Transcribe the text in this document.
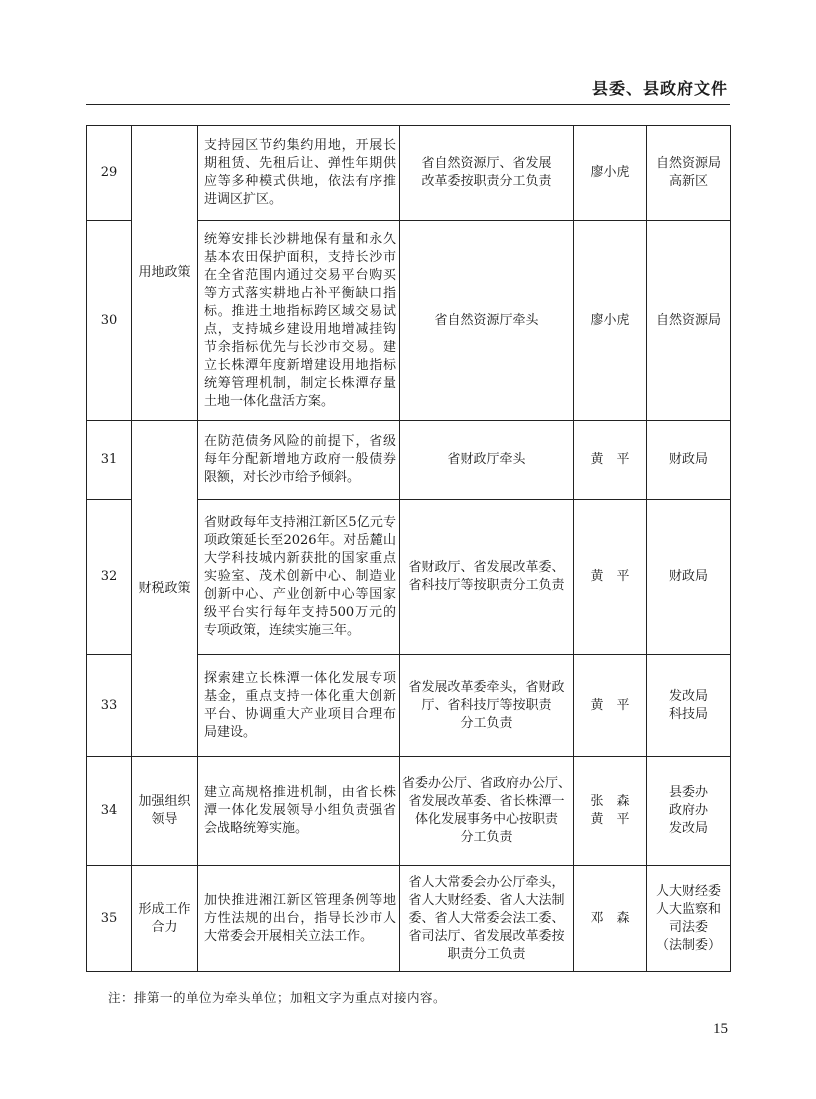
县委、县政府文件
29	用地政策	支持园区节约集约用地，开展长期租赁、先租后让、弹性年期供应等多种模式供地，依法有序推进调区扩区。	省自然资源厅、省发展
改革委按职责分工负责	廖小虎	自然资源局
高新区
30		统筹安排长沙耕地保有量和永久基本农田保护面积，支持长沙市在全省范围内通过交易平台购买等方式落实耕地占补平衡缺口指标。推进土地指标跨区域交易试点，支持城乡建设用地增减挂钩节余指标优先与长沙市交易。建立长株潭年度新增建设用地指标统筹管理机制，制定长株潭存量土地一体化盘活方案。	省自然资源厅牵头	廖小虎	自然资源局
31	财税政策	在防范债务风险的前提下，省级每年分配新增地方政府一般债券限额，对长沙市给予倾斜。	省财政厅牵头	黄　平	财政局
32		省财政每年支持湘江新区5亿元专项政策延长至2026年。对岳麓山大学科技城内新获批的国家重点实验室、茂术创新中心、制造业创新中心、产业创新中心等国家级平台实行每年支持500万元的专项政策，连续实施三年。	省财政厅、省发展改革委、
省科技厅等按职责分工负责	黄　平	财政局
33		探索建立长株潭一体化发展专项基金，重点支持一体化重大创新平台、协调重大产业项目合理布局建设。	省发展改革委牵头，省财政
厅、省科技厅等按职责
分工负责	黄　平	发改局
科技局
34	加强组织
领导	建立高规格推进机制，由省长株潭一体化发展领导小组负责强省会战略统筹实施。	省委办公厅、省政府办公厅、
省发展改革委、省长株潭一
体化发展事务中心按职责
分工负责	张　森
黄　平	县委办
政府办
发改局
35	形成工作
合力	加快推进湘江新区管理条例等地方性法规的出台，指导长沙市人大常委会开展相关立法工作。	省人大常委会办公厅牵头，
省人大财经委、省人大法制
委、省人大常委会法工委、
省司法厅、省发展改革委按
职责分工负责	邓　森	人大财经委
人大监察和
司法委
（法制委）
注：排第一的单位为牵头单位；加粗文字为重点对接内容。
15
